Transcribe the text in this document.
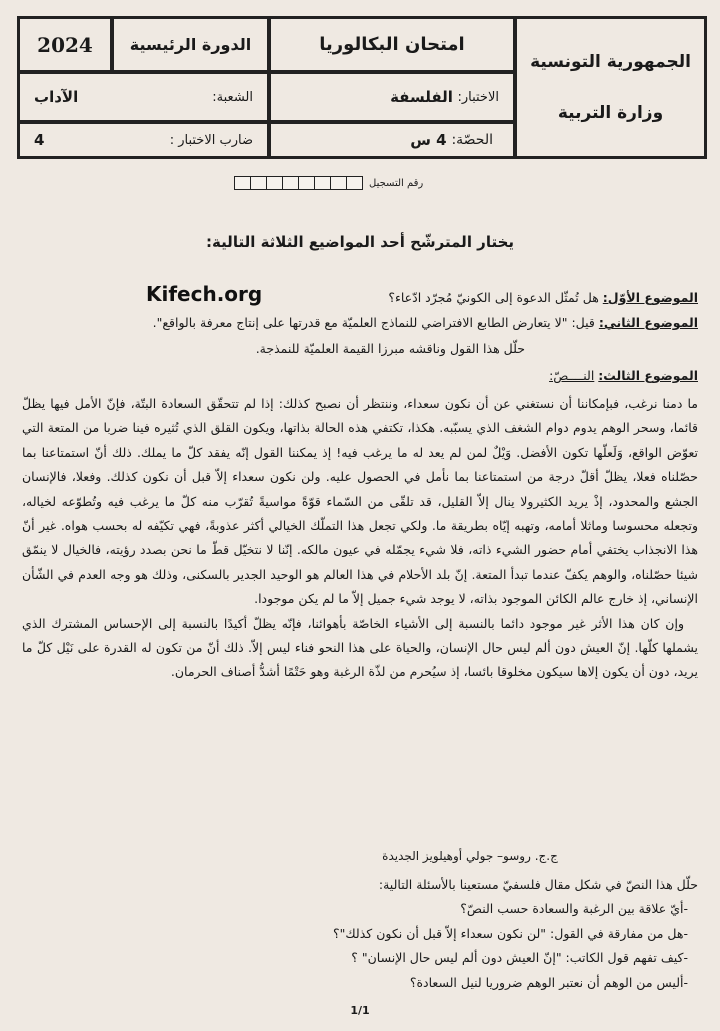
الجمهورية التونسية
وزارة التربية
امتحان البكالوريا
الاختبار:

الفلسفة
الحصّة:

4 س
الدورة الرئيسية
2024
الشعبة:
الآداب
ضارب الاختبار :
4
رقم التسجيل
يختار المترشّح أحد المواضيع الثلاثة التالية:
Kifech.org	الموضوع الأوّل: هل تُمثّل الدعوة إلى الكونيّ مُجرّد ادّعاء؟
الموضوع الثاني: قيل: "لا يتعارض الطابع الافتراضي للنماذج العلميّة مع قدرتها على إنتاج معرفة بالواقع".
حلّل هذا القول وناقشه مبرزا القيمة العلميّة للنمذجة.
الموضوع الثالث: النــــصّ:

ما دمنا نرغب، فبإمكاننا أن نستغني عن أن نكون سعداء، وننتظر أن نصبح كذلك: إذا لم تتحقّق السعادة البتّة، فإنّ الأمل فيها يظلّ قائما، وسحر الوهم يدوم دوام الشغف الذي يسبّبه. هكذا، تكتفي هذه الحالة بذاتها، ويكون القلق الذي تُثيره فينا ضربا من المتعة التي تعوّض الواقع، وَلَعلّها تكون الأفضل. وَيْلٌ لمن لم يعد له ما يرغب فيه! إذ يمكننا القول إنّه يفقد كلّ ما يملك. ذلك أنّ استمتاعنا بما حصّلناه فعلا، يظلّ أقلّ درجة من استمتاعنا بما نأمل في الحصول عليه. ولن نكون سعداء إلاّ قبل أن نكون كذلك. وفعلا، فالإنسان الجشع والمحدود، إذْ يريد الكثيرولا ينال إلاّ القليل، قد تلقّى من السّماء قوّةً مواسيةً تُقرّب منه كلّ ما يرغب فيه وتُطوّعه لخياله، وتجعله محسوسا وماثلا أمامه، وتهبه إيّاه بطريقة ما. ولكي تجعل هذا التملّك الخيالي أكثر عذوبةً، فهي تكيّفه له بحسب هواه. غير أنّ هذا الانجذاب يختفي أمام حضور الشيء ذاته، فلا شيء يجمّله في عيون مالكه. إنّنا لا نتخيّل قطّ ما نحن بصدد رؤيته، فالخيال لا ينمّق شيئا حصّلناه، والوهم يكفّ عندما تبدأ المتعة. إنّ بلد الأحلام في هذا العالم هو الوحيد الجدير بالسكنى، وذلك هو وجه العدم في الشّأن الإنساني، إذ خارج عالم الكائن الموجود بذاته، لا يوجد شيء جميل إلاّ ما لم يكن موجودا.

وإن كان هذا الأثر غير موجود دائما بالنسبة إلى الأشياء الخاصّة بأهوائنا، فإنّه يظلّ أكيدًا بالنسبة إلى الإحساس المشترك الذي يشملها كلّها. إنّ العيش دون ألم ليس حال الإنسان، والحياة على هذا النحو فناء ليس إلاّ. ذلك أنّ من تكون له القدرة على نَيْل كلّ ما يريد، دون أن يكون إلاها سيكون مخلوقا بائسا، إذ سيُحرم من لذّة الرغبة وهو حَتْمًا أشدُّ أصناف الحرمان.

ج.ج. روسو– جولي أوهيلويز الجديدة
حلّل هذا النصّ في شكل مقال فلسفيّ مستعينا بالأسئلة التالية:
-أيّ علاقة بين الرغبة والسعادة حسب النصّ؟
-هل من مفارقة في القول: "لن نكون سعداء إلاّ قبل أن نكون كذلك"؟
-كيف تفهم قول الكاتب: "إنّ العيش دون ألم ليس حال الإنسان" ؟
-أليس من الوهم أن نعتبر الوهم ضروريا لنيل السعادة؟
1/1
